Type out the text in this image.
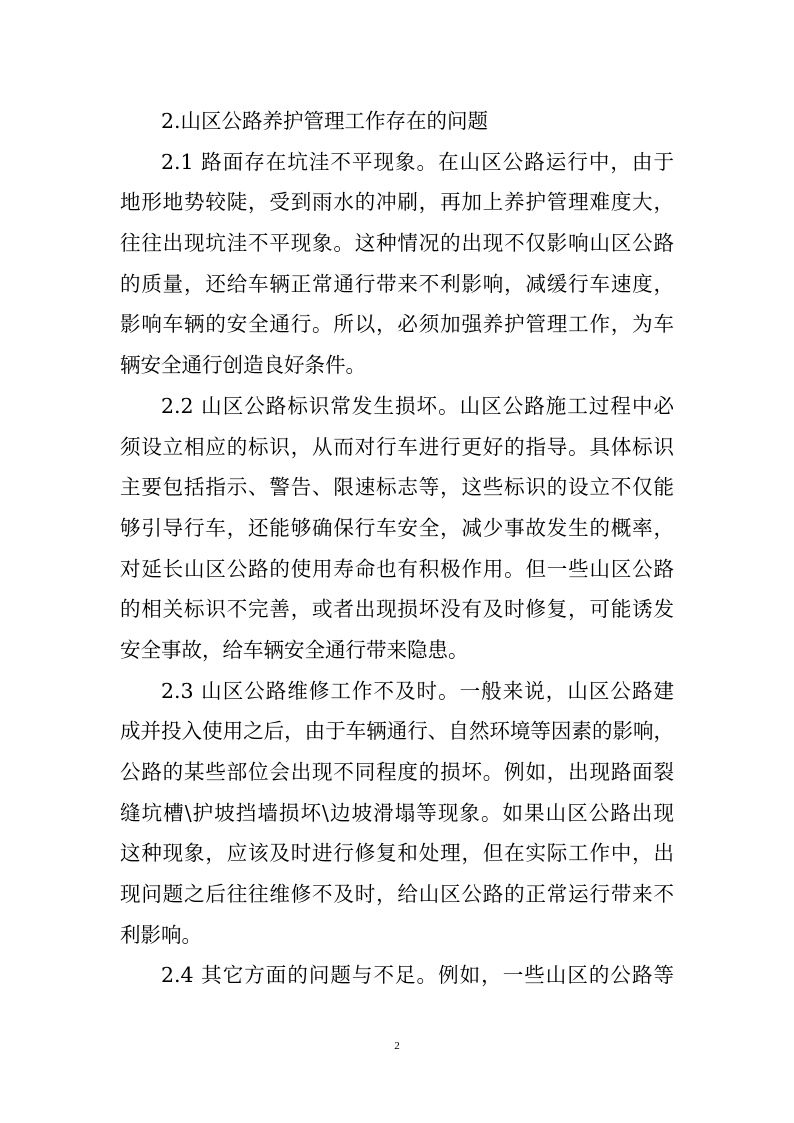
2.山区公路养护管理工作存在的问题
2.1 路面存在坑洼不平现象。在山区公路运行中，由于
地形地势较陡，受到雨水的冲刷，再加上养护管理难度大，
往往出现坑洼不平现象。这种情况的出现不仅影响山区公路
的质量，还给车辆正常通行带来不利影响，减缓行车速度，
影响车辆的安全通行。所以，必须加强养护管理工作，为车
辆安全通行创造良好条件。
2.2 山区公路标识常发生损坏。山区公路施工过程中必
须设立相应的标识，从而对行车进行更好的指导。具体标识
主要包括指示、警告、限速标志等，这些标识的设立不仅能
够引导行车，还能够确保行车安全，减少事故发生的概率，
对延长山区公路的使用寿命也有积极作用。但一些山区公路
的相关标识不完善，或者出现损坏没有及时修复，可能诱发
安全事故，给车辆安全通行带来隐患。
2.3 山区公路维修工作不及时。一般来说，山区公路建
成并投入使用之后，由于车辆通行、自然环境等因素的影响，
公路的某些部位会出现不同程度的损坏。例如，出现路面裂
缝坑槽\护坡挡墙损坏\边坡滑塌等现象。如果山区公路出现
这种现象，应该及时进行修复和处理，但在实际工作中，出
现问题之后往往维修不及时，给山区公路的正常运行带来不
利影响。
2.4 其它方面的问题与不足。例如，一些山区的公路等
2
